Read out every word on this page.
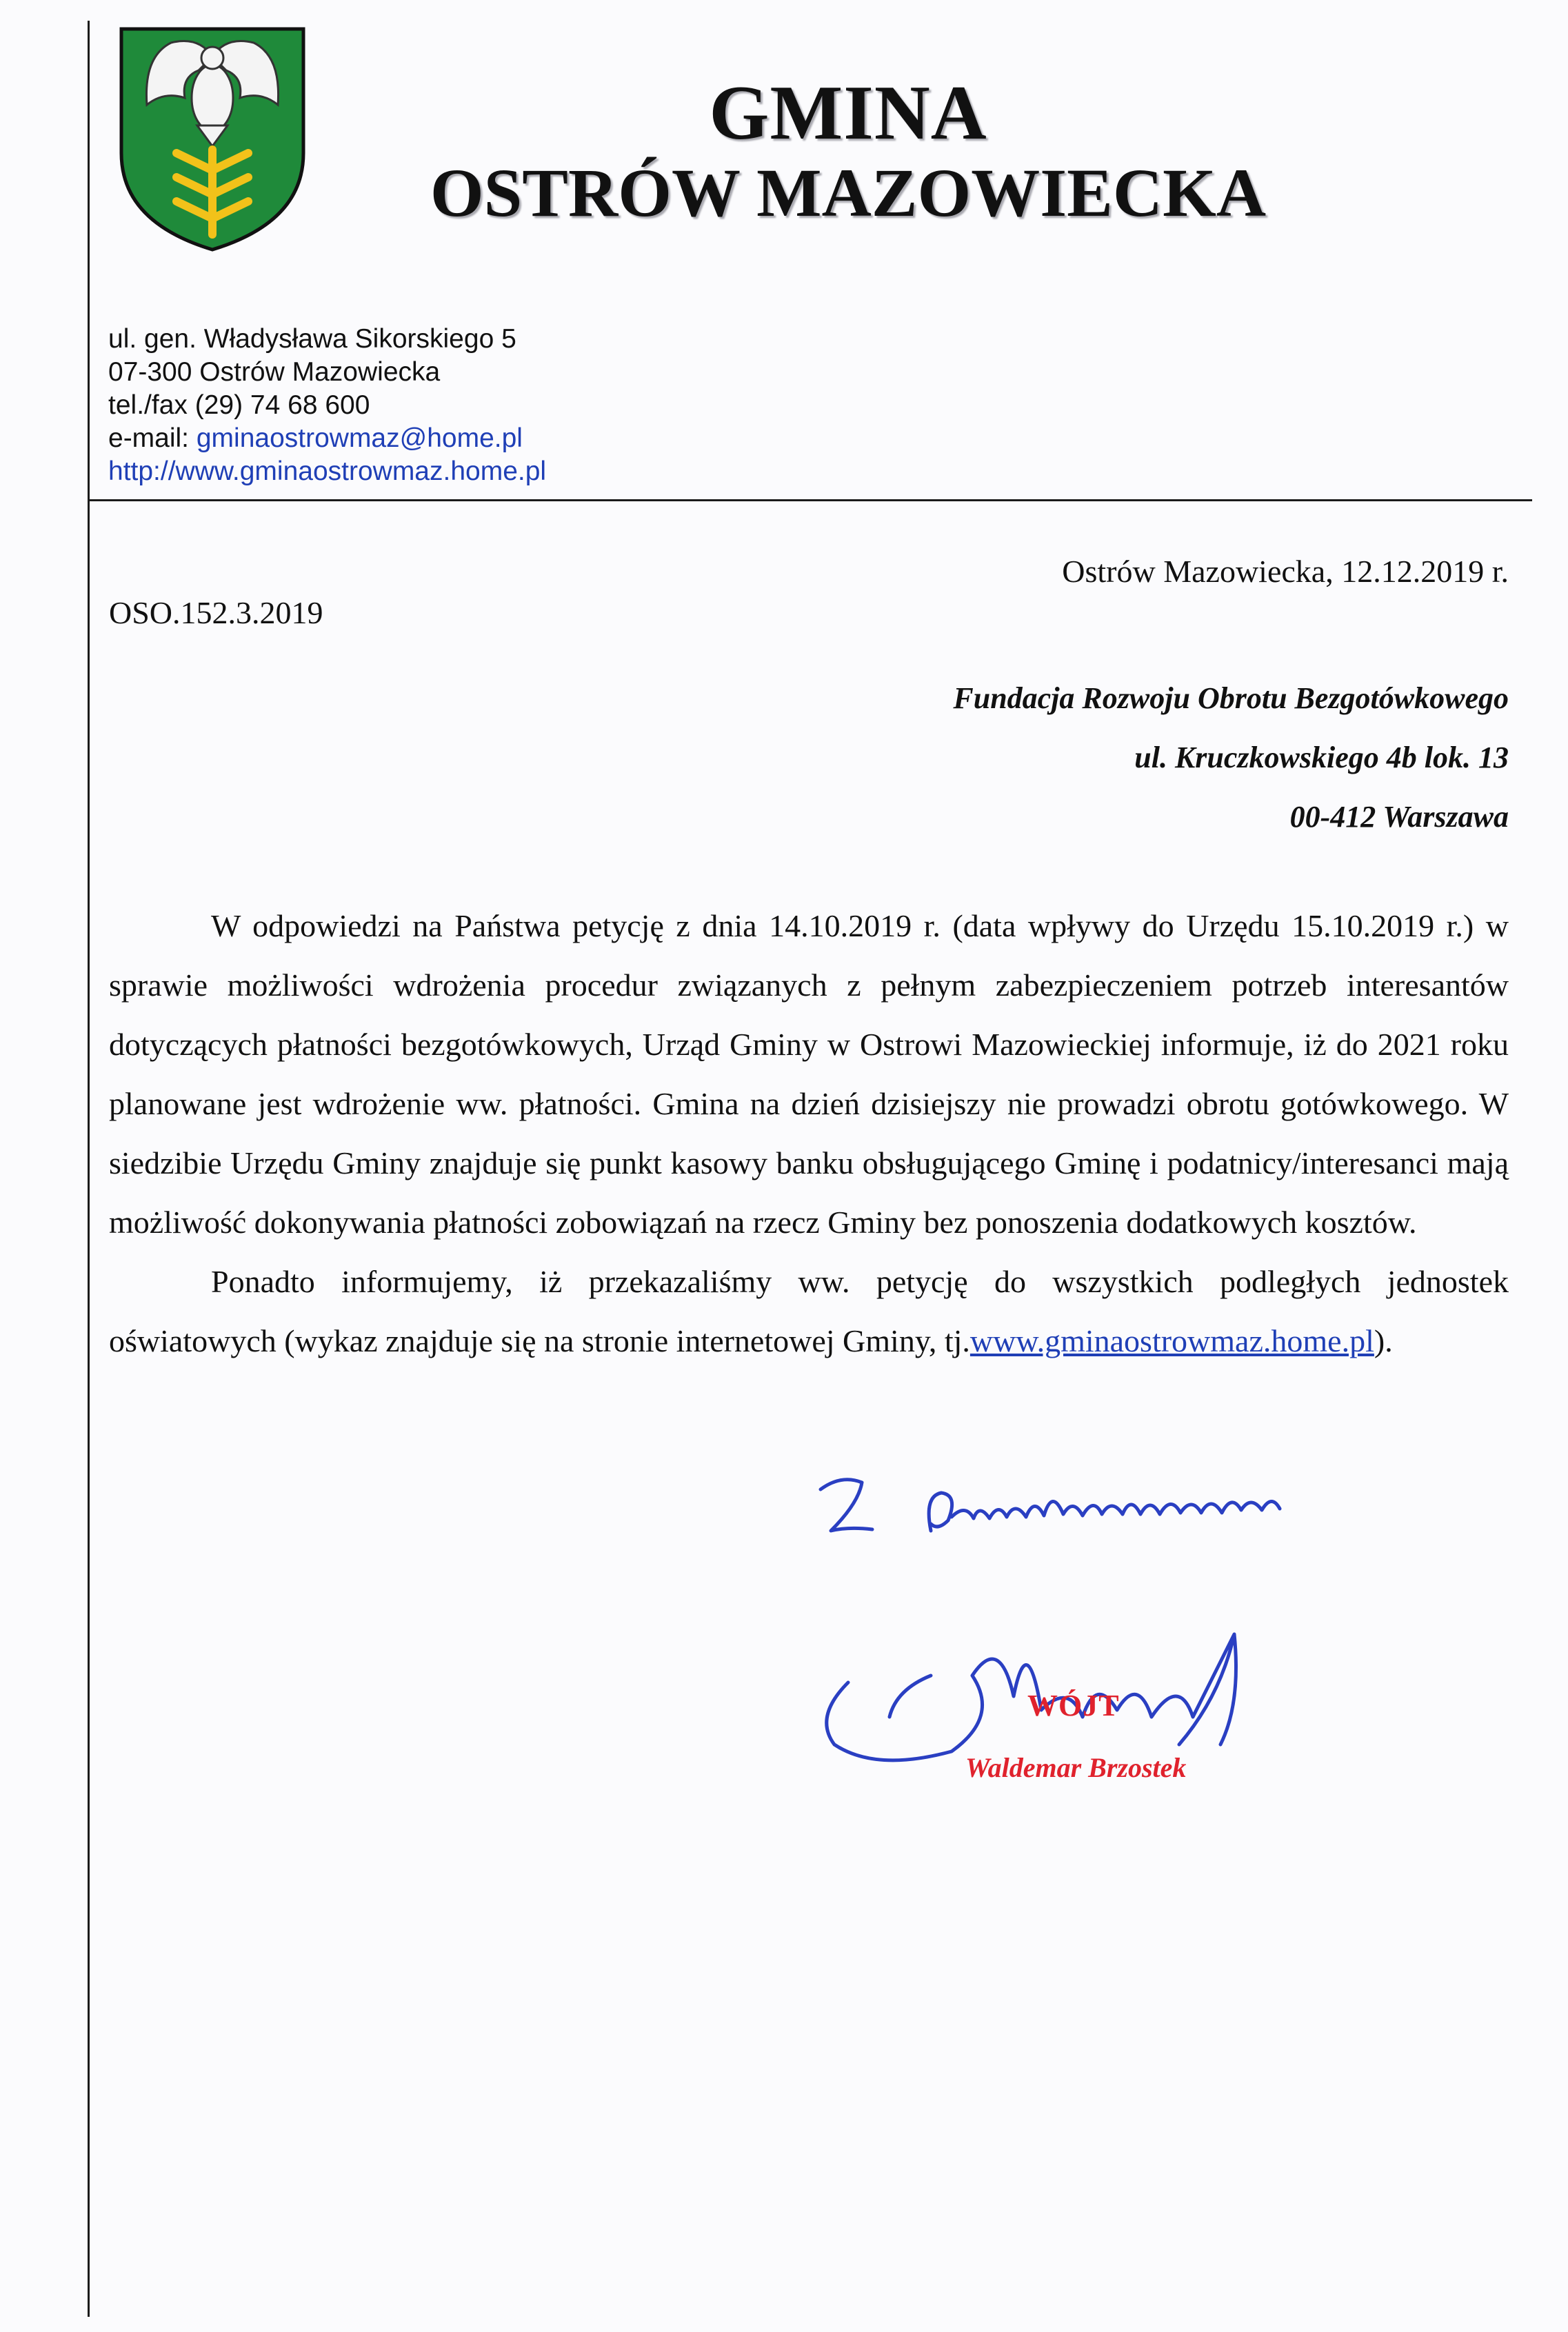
GMINA
OSTRÓW MAZOWIECKA
ul. gen. Władysława Sikorskiego 5
07-300 Ostrów Mazowiecka
tel./fax (29) 74 68 600
e-mail: gminaostrowmaz@home.pl
http://www.gminaostrowmaz.home.pl
Ostrów Mazowiecka, 12.12.2019 r.
OSO.152.3.2019
Fundacja Rozwoju Obrotu Bezgotówkowego
ul. Kruczkowskiego 4b lok. 13
00-412 Warszawa

W odpowiedzi na Państwa petycję z dnia 14.10.2019 r. (data wpływy do Urzędu 15.10.2019 r.) w sprawie możliwości wdrożenia procedur związanych z pełnym zabezpieczeniem potrzeb interesantów dotyczących płatności bezgotówkowych, Urząd Gminy w Ostrowi Mazowieckiej informuje, iż do 2021 roku planowane jest wdrożenie ww. płatności. Gmina na dzień dzisiejszy nie prowadzi obrotu gotówkowego. W siedzibie Urzędu Gminy znajduje się punkt kasowy banku obsługującego Gminę i podatnicy/interesanci mają możliwość dokonywania płatności zobowiązań na rzecz Gminy bez ponoszenia dodatkowych kosztów.

Ponadto informujemy, iż przekazaliśmy ww. petycję do wszystkich podległych jednostek oświatowych (wykaz znajduje się na stronie internetowej Gminy, tj.www.gminaostrowmaz.home.pl).

WÓJT
Waldemar Brzostek
